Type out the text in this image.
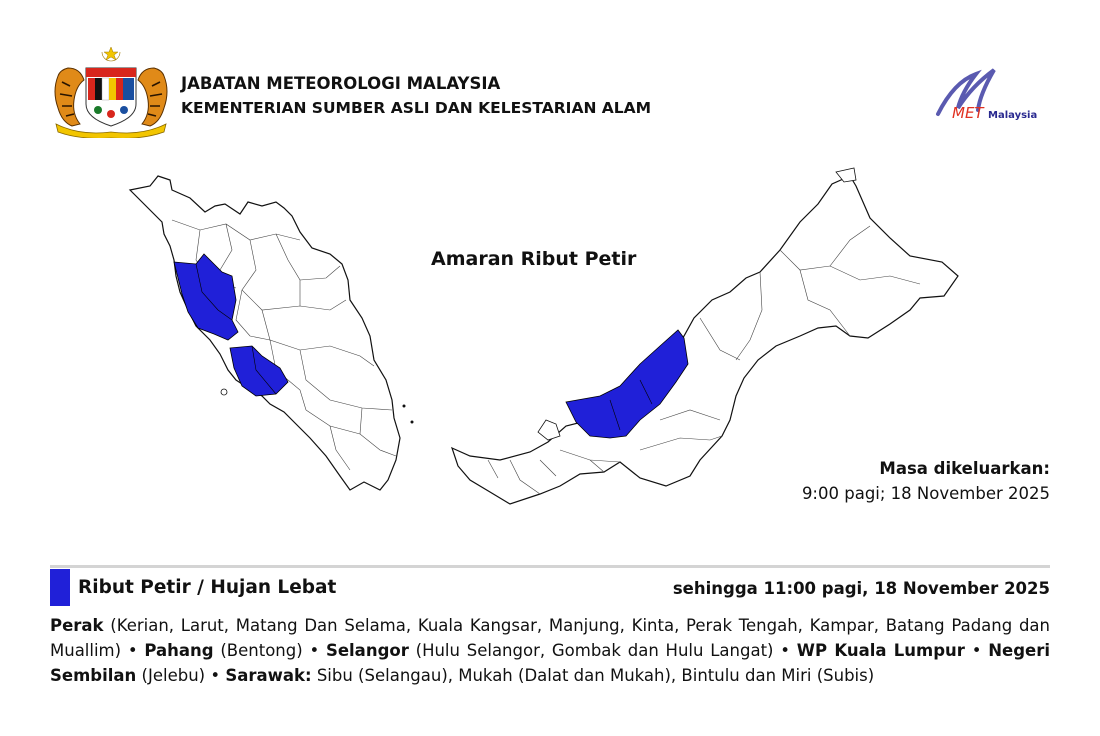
JABATAN METEOROLOGI MALAYSIA
KEMENTERIAN SUMBER ASLI DAN KELESTARIAN ALAM	MET Malaysia
Amaran Ribut Petir
Masa dikeluarkan:
9:00 pagi; 18 November 2025
Ribut Petir / Hujan Lebat	sehingga 11:00 pagi, 18 November 2025
Perak (Kerian, Larut, Matang Dan Selama, Kuala Kangsar, Manjung, Kinta, Perak Tengah, Kampar, Batang Padang dan Muallim) • Pahang (Bentong) • Selangor (Hulu Selangor, Gombak dan Hulu Langat) • WP Kuala Lumpur • Negeri Sembilan (Jelebu) • Sarawak: Sibu (Selangau), Mukah (Dalat dan Mukah), Bintulu dan Miri (Subis)
